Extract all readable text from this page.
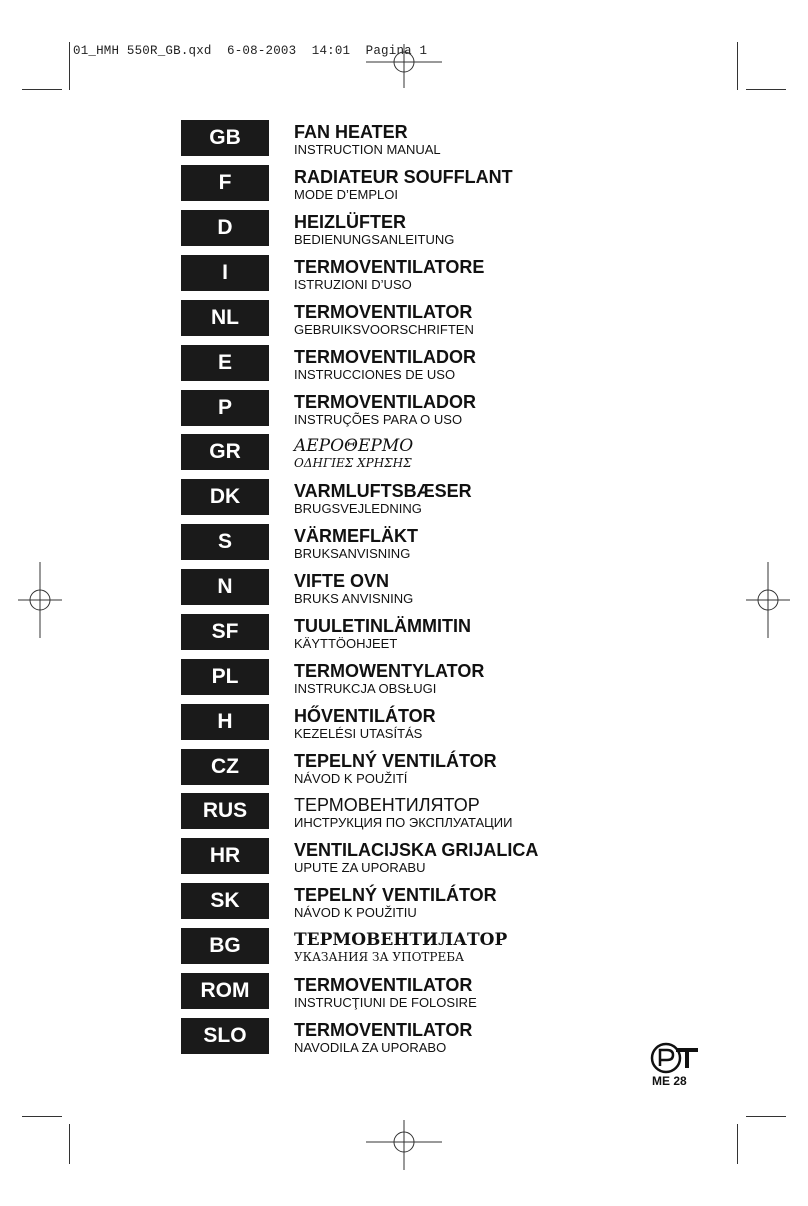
01_HMH 550R_GB.qxd  6-08-2003  14:01  Pagina 1
GB	FAN HEATER
INSTRUCTION MANUAL
F	RADIATEUR SOUFFLANT
MODE D’EMPLOI
D	HEIZLÜFTER
BEDIENUNGSANLEITUNG
I	TERMOVENTILATORE
ISTRUZIONI D’USO
NL	TERMOVENTILATOR
GEBRUIKSVOORSCHRIFTEN
E	TERMOVENTILADOR
INSTRUCCIONES DE USO
P	TERMOVENTILADOR
INSTRUÇÕES PARA O USO
GR	ΑΕΡΟΘΕΡΜΟ
ΟΔΗΓΙΕΣ ΧΡΗΣΗΣ
DK	VARMLUFTSBÆSER
BRUGSVEJLEDNING
S	VÄRMEFLÄKT
BRUKSANVISNING
N	VIFTE OVN
BRUKS ANVISNING
SF	TUULETINLÄMMITIN
KÄYTTÖOHJEET
PL	TERMOWENTYLATOR
INSTRUKCJA OBSŁUGI
H	HŐVENTILÁTOR
KEZELÉSI UTASÍTÁS
CZ	TEPELNÝ VENTILÁTOR
NÁVOD K POUŽITÍ
RUS	ТЕРМОВЕНТИЛЯТОР
ИНСТРУКЦИЯ ПО ЭКСПЛУАТАЦИИ
HR	VENTILACIJSKA GRIJALICA
UPUTE ZA UPORABU
SK	TEPELNÝ VENTILÁTOR
NÁVOD K POUŽITIU
BG	ТЕРМОВЕНТИЛАТОР
УКАЗАНИЯ ЗА УПОТРЕБА
ROM	TERMOVENTILATOR
INSTRUCŢIUNI DE FOLOSIRE
SLO	TERMOVENTILATOR
NAVODILA ZA UPORABO
ME 28
